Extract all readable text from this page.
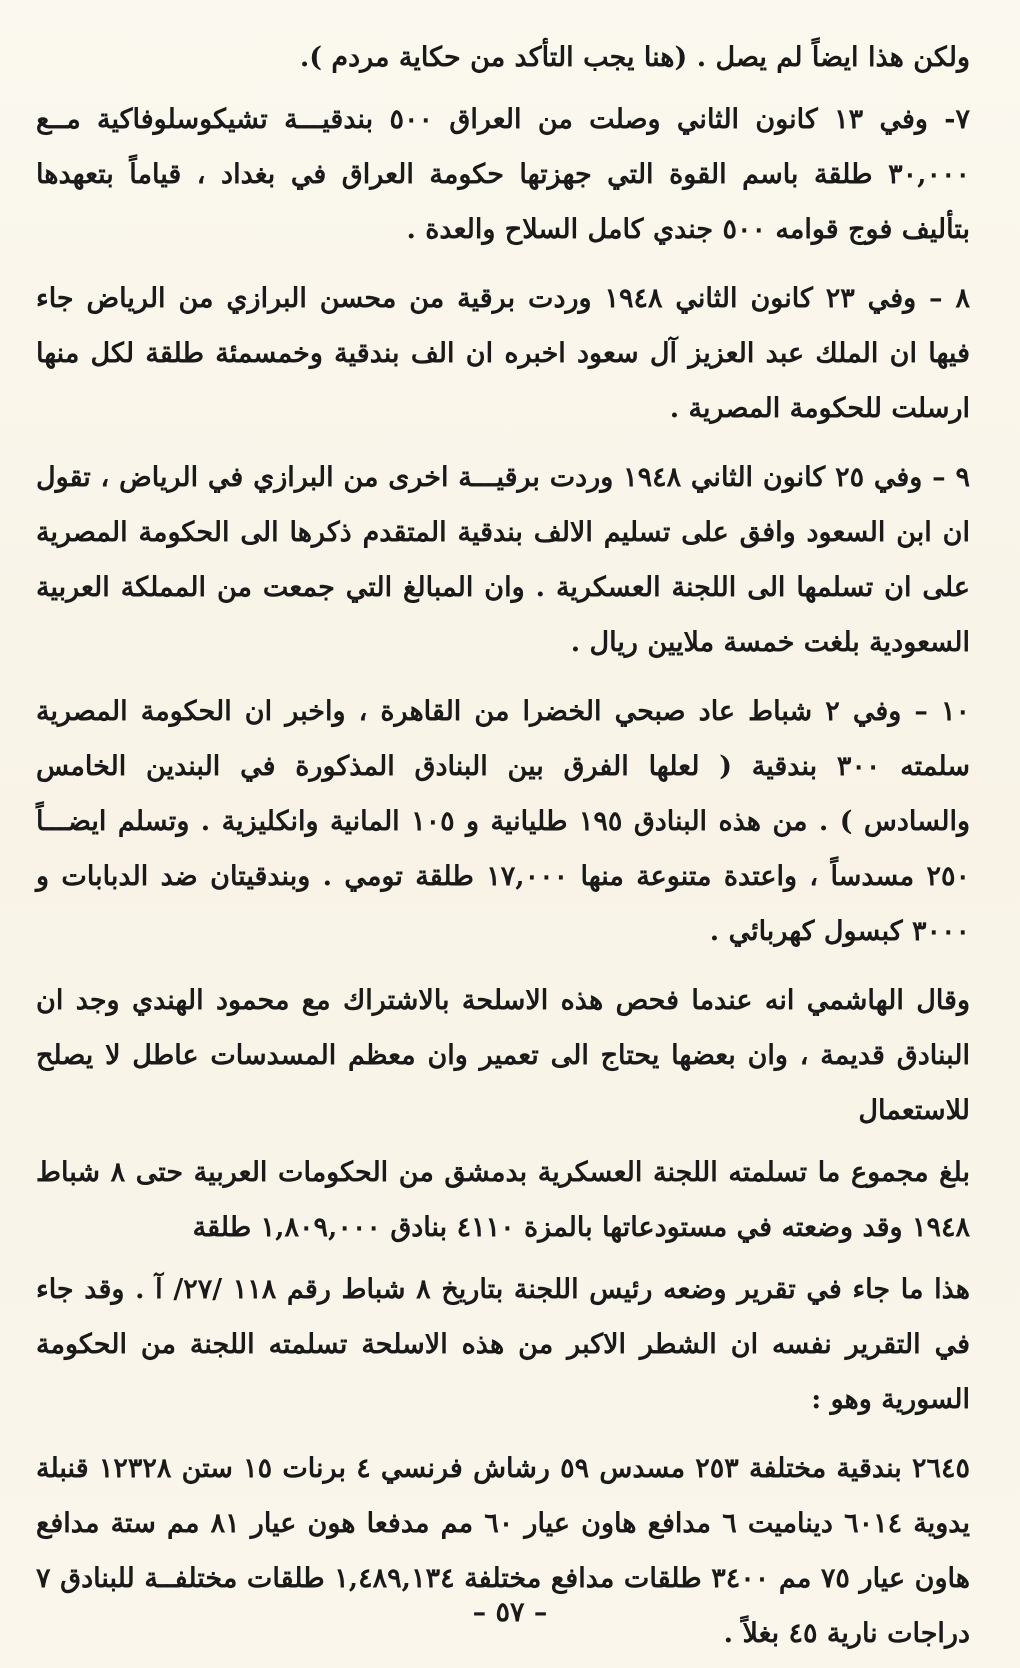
ولكن هذا ايضاً لم يصل . (هنا يجب التأكد من حكاية مردم ).

٧- وفي ١٣ كانون الثاني وصلت من العراق ٥٠٠ بندقيـــة تشيكوسلوفاكية مــع ٣٠,٠٠٠ طلقة باسم القوة التي جهزتها حكومة العراق في بغداد ، قياماً بتعهدها بتأليف فوج قوامه ٥٠٠ جندي كامل السلاح والعدة .

٨ – وفي ٢٣ كانون الثاني ١٩٤٨ وردت برقية من محسن البرازي من الرياض جاء فيها ان الملك عبد العزيز آل سعود اخبره ان الف بندقية وخمسمئة طلقة لكل منها ارسلت للحكومة المصرية .

٩ – وفي ٢٥ كانون الثاني ١٩٤٨ وردت برقيـــة اخرى من البرازي في الرياض ، تقول ان ابن السعود وافق على تسليم الالف بندقية المتقدم ذكرها الى الحكومة المصرية على ان تسلمها الى اللجنة العسكرية . وان المبالغ التي جمعت من المملكة العربية السعودية بلغت خمسة ملايين ريال .

١٠ – وفي ٢ شباط عاد صبحي الخضرا من القاهرة ، واخبر ان الحكومة المصرية سلمته ٣٠٠ بندقية ( لعلها الفرق بين البنادق المذكورة في البندين الخامس والسادس ) . من هذه البنادق ١٩٥ طليانية و ١٠٥ المانية وانكليزية . وتسلم ايضـــاً ٢٥٠ مسدساً ، واعتدة متنوعة منها ١٧,٠٠٠ طلقة تومي . وبندقيتان ضد الدبابات و ٣٠٠٠ كبسول كهربائي .

وقال الهاشمي انه عندما فحص هذه الاسلحة بالاشتراك مع محمود الهندي وجد ان البنادق قديمة ، وان بعضها يحتاج الى تعمير وان معظم المسدسات عاطل لا يصلح للاستعمال

بلغ مجموع ما تسلمته اللجنة العسكرية بدمشق من الحكومات العربية حتى ٨ شباط ١٩٤٨ وقد وضعته في مستودعاتها بالمزة ٤١١٠ بنادق ١,٨٠٩,٠٠٠ طلقة

هذا ما جاء في تقرير وضعه رئيس اللجنة بتاريخ ٨ شباط رقم ١١٨ /٢٧/ آ . وقد جاء في التقرير نفسه ان الشطر الاكبر من هذه الاسلحة تسلمته اللجنة من الحكومة السورية وهو :

٢٦٤٥ بندقية مختلفة ٢٥٣ مسدس ٥٩ رشاش فرنسي ٤ برنات ١٥ ستن ١٢٣٢٨ قنبلة يدوية ٦٠١٤ ديناميت ٦ مدافع هاون عيار ٦٠ مم مدفعا هون عيار ٨١ مم ستة مدافع هاون عيار ٧٥ مم ٣٤٠٠ طلقات مدافع مختلفة ١,٤٨٩,١٣٤ طلقات مختلفــة للبنادق ٧ دراجات نارية ٤٥ بغلاً .

– ٥٧ –
